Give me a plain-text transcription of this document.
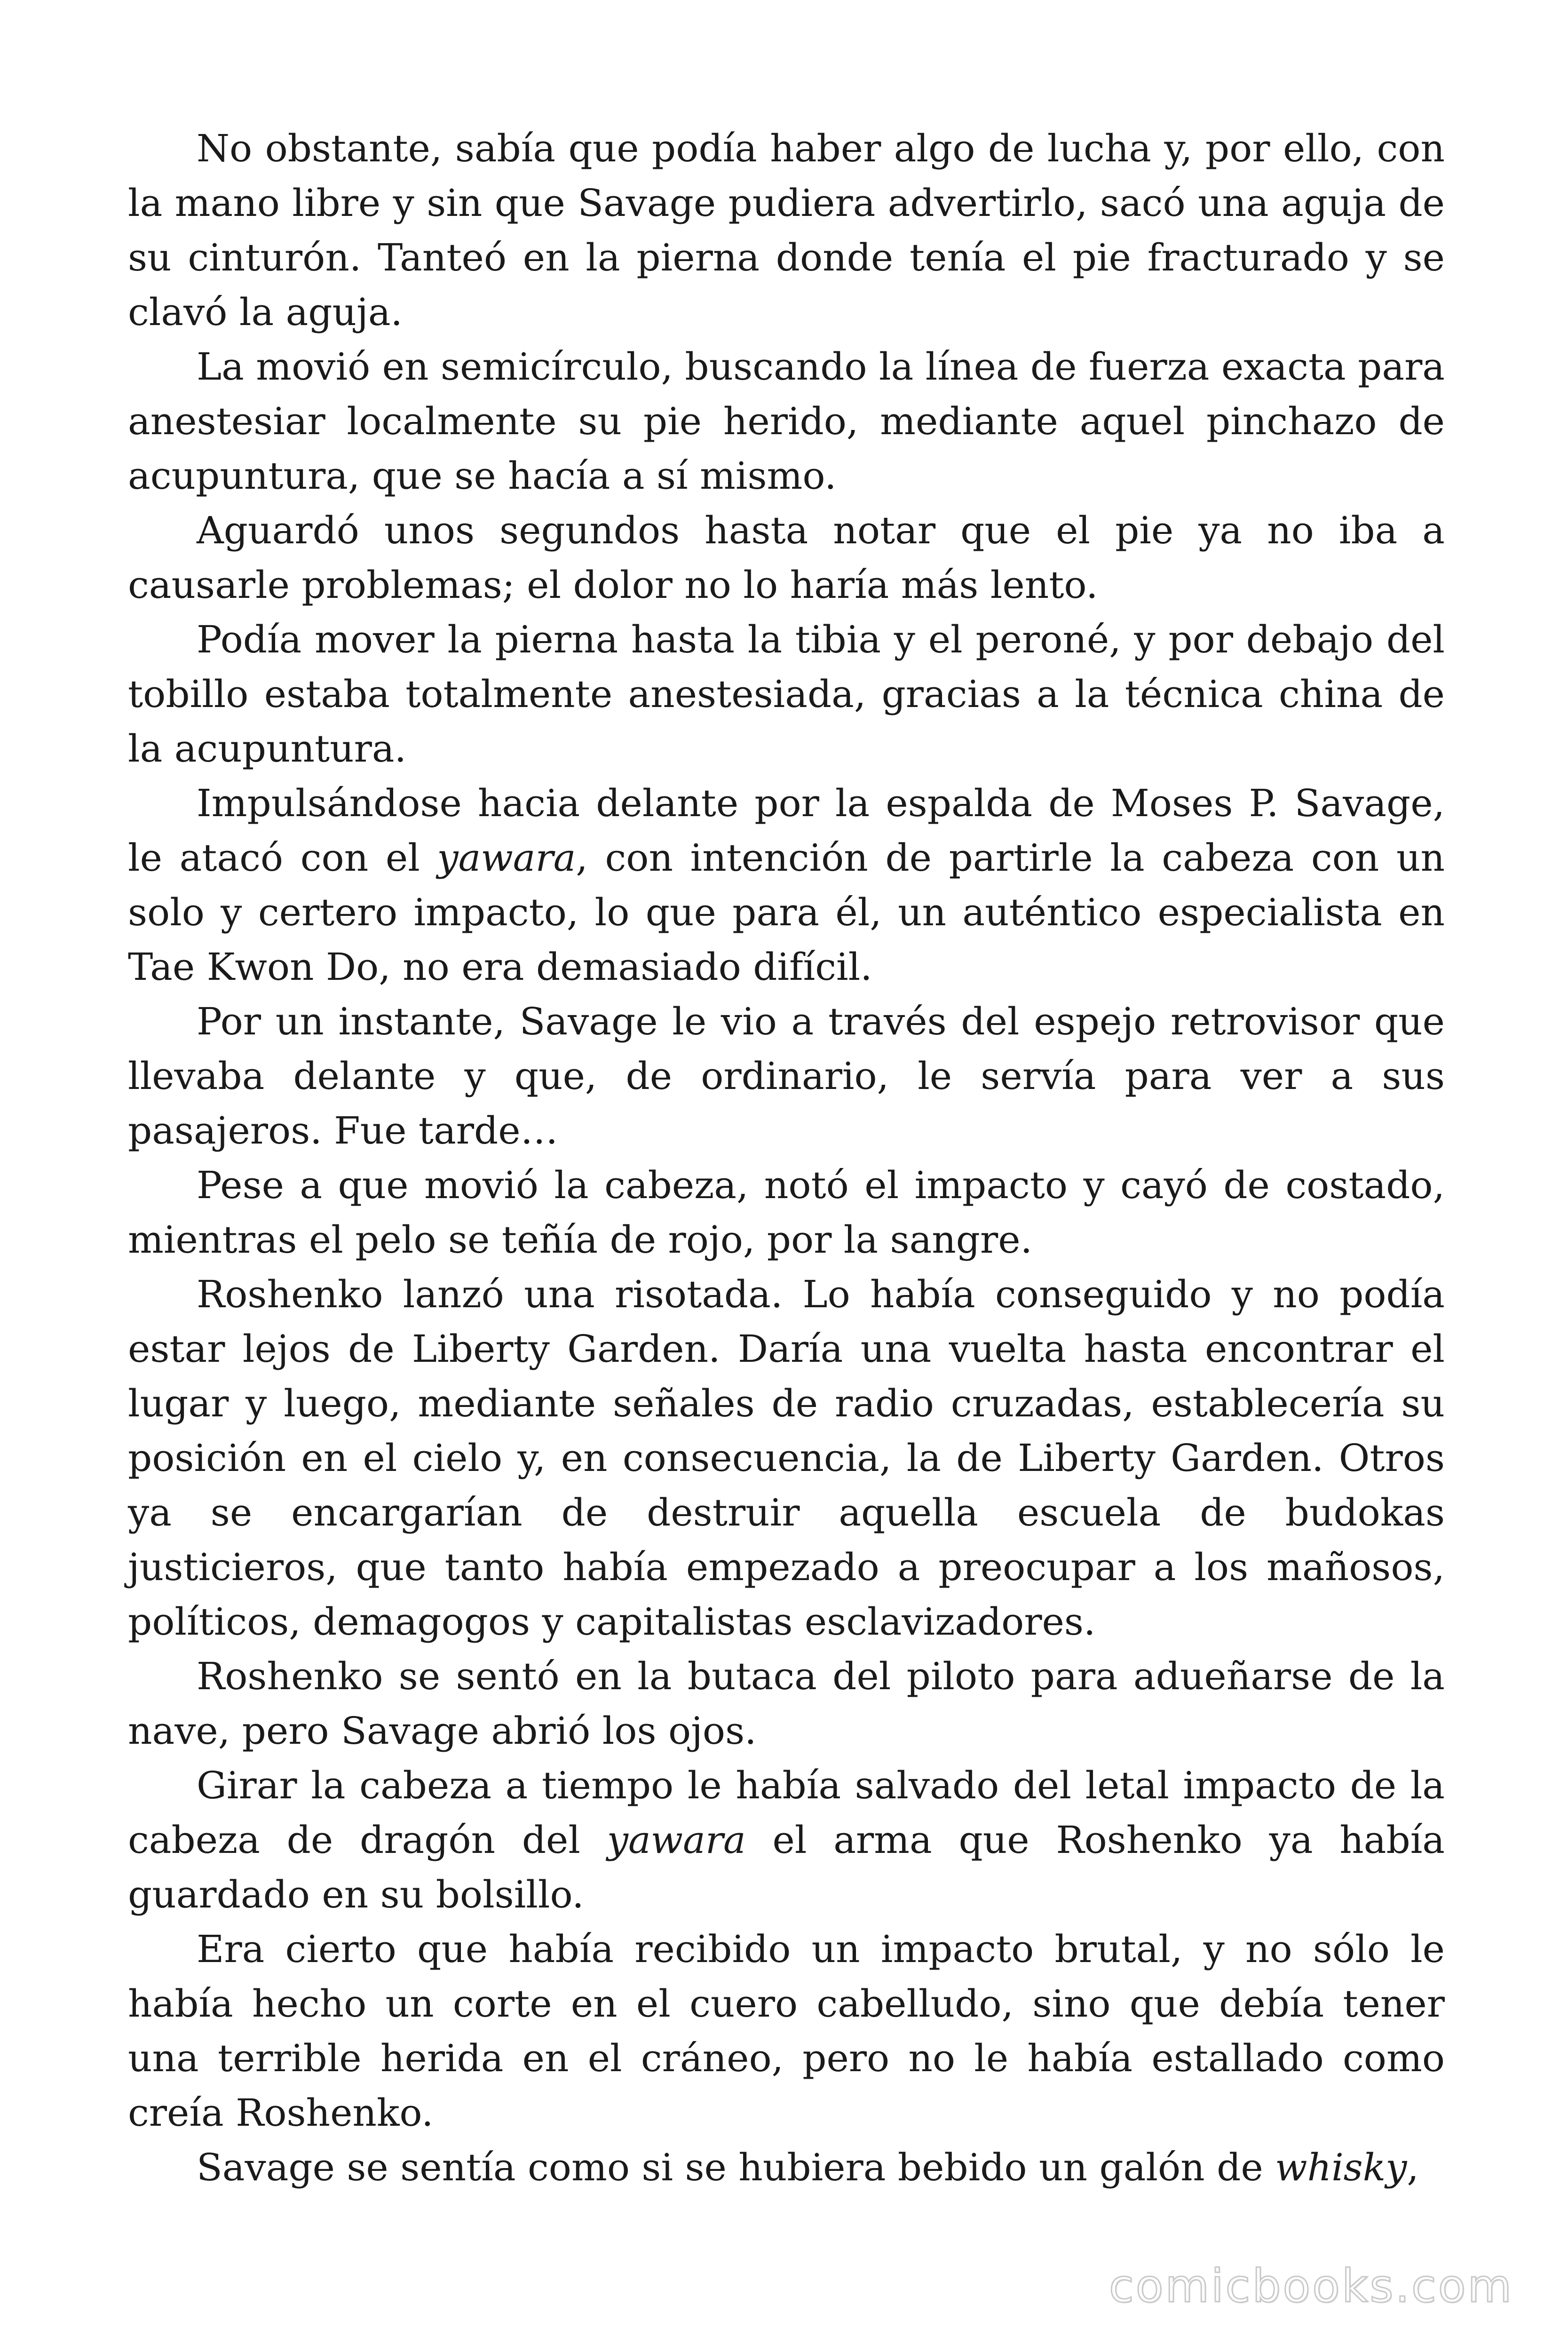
No obstante, sabía que podía haber algo de lucha y, por ello, con la mano libre y sin que Savage pudiera advertirlo, sacó una aguja de su cinturón. Tanteó en la pierna donde tenía el pie fracturado y se clavó la aguja.

La movió en semicírculo, buscando la línea de fuerza exacta para anestesiar localmente su pie herido, mediante aquel pinchazo de acupuntura, que se hacía a sí mismo.

Aguardó unos segundos hasta notar que el pie ya no iba a causarle problemas; el dolor no lo haría más lento.

Podía mover la pierna hasta la tibia y el peroné, y por debajo del tobillo estaba totalmente anestesiada, gracias a la técnica china de la acupuntura.

Impulsándose hacia delante por la espalda de Moses P. Savage, le atacó con el yawara, con intención de partirle la cabeza con un solo y certero impacto, lo que para él, un auténtico especialista en Tae Kwon Do, no era demasiado difícil.

Por un instante, Savage le vio a través del espejo retrovisor que llevaba delante y que, de ordinario, le servía para ver a sus pasajeros. Fue tarde…

Pese a que movió la cabeza, notó el impacto y cayó de costado, mientras el pelo se teñía de rojo, por la sangre.

Roshenko lanzó una risotada. Lo había conseguido y no podía estar lejos de Liberty Garden. Daría una vuelta hasta encontrar el lugar y luego, mediante señales de radio cruzadas, establecería su posición en el cielo y, en consecuencia, la de Liberty Garden. Otros ya se encargarían de destruir aquella escuela de budokas justicieros, que tanto había empezado a preocupar a los mañosos, políticos, demagogos y capitalistas esclavizadores.

Roshenko se sentó en la butaca del piloto para adueñarse de la nave, pero Savage abrió los ojos.

Girar la cabeza a tiempo le había salvado del letal impacto de la cabeza de dragón del yawara el arma que Roshenko ya había guardado en su bolsillo.

Era cierto que había recibido un impacto brutal, y no sólo le había hecho un corte en el cuero cabelludo, sino que debía tener una terrible herida en el cráneo, pero no le había estallado como creía Roshenko.

Savage se sentía como si se hubiera bebido un galón de whisky,

comicbooks.com
